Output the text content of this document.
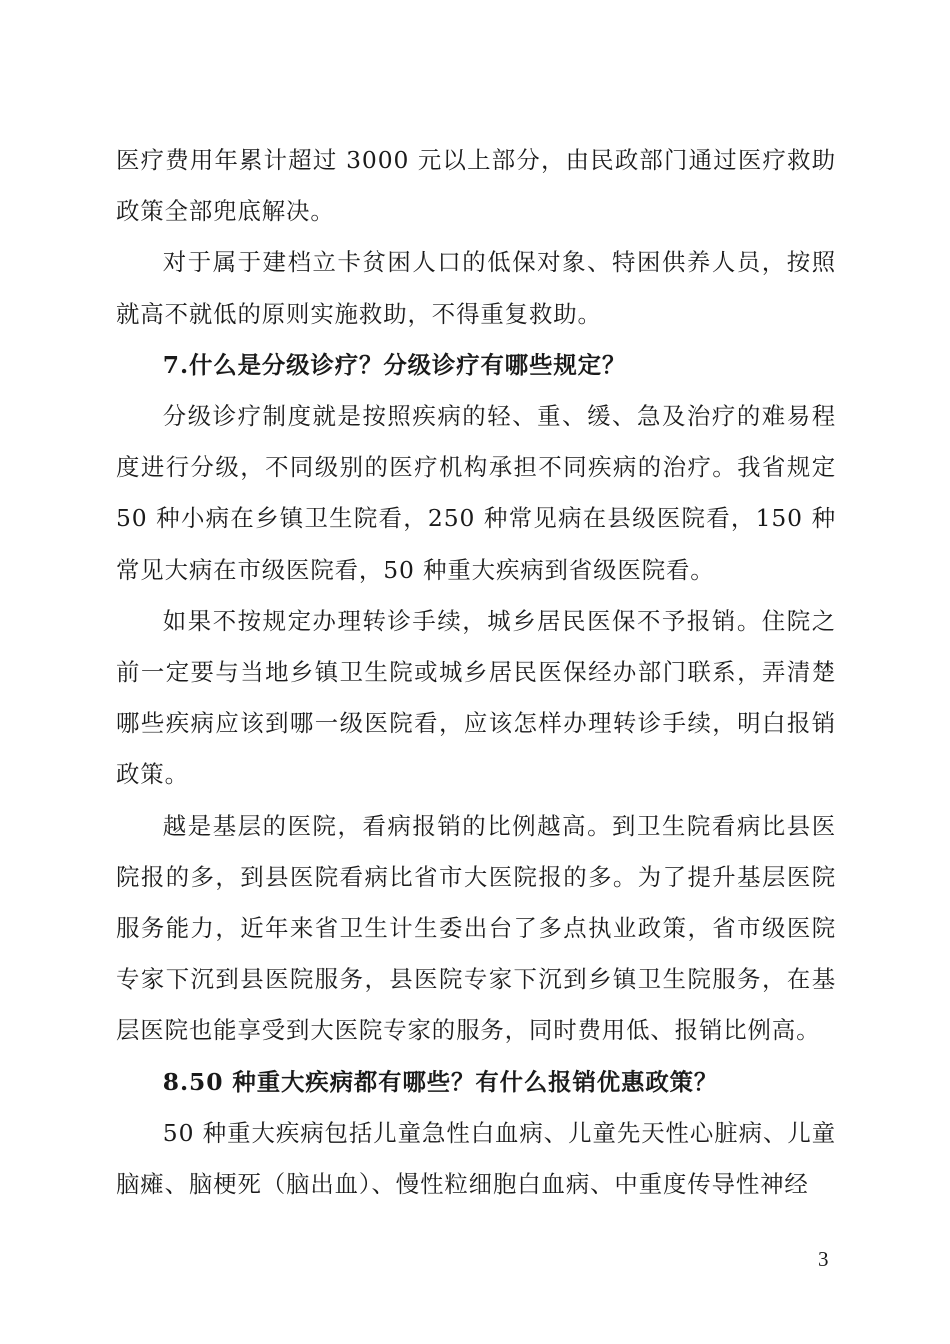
医疗费用年累计超过 3000 元以上部分，由民政部门通过医疗救助政策全部兜底解决。

对于属于建档立卡贫困人口的低保对象、特困供养人员，按照就高不就低的原则实施救助，不得重复救助。

7.什么是分级诊疗？分级诊疗有哪些规定？

分级诊疗制度就是按照疾病的轻、重、缓、急及治疗的难易程度进行分级，不同级别的医疗机构承担不同疾病的治疗。我省规定 50 种小病在乡镇卫生院看，250 种常见病在县级医院看，150 种常见大病在市级医院看，50 种重大疾病到省级医院看。

如果不按规定办理转诊手续，城乡居民医保不予报销。住院之前一定要与当地乡镇卫生院或城乡居民医保经办部门联系，弄清楚哪些疾病应该到哪一级医院看，应该怎样办理转诊手续，明白报销政策。

越是基层的医院，看病报销的比例越高。到卫生院看病比县医院报的多，到县医院看病比省市大医院报的多。为了提升基层医院服务能力，近年来省卫生计生委出台了多点执业政策，省市级医院专家下沉到县医院服务，县医院专家下沉到乡镇卫生院服务，在基层医院也能享受到大医院专家的服务，同时费用低、报销比例高。

8.50 种重大疾病都有哪些？有什么报销优惠政策？

50 种重大疾病包括儿童急性白血病、儿童先天性心脏病、儿童脑瘫、脑梗死（脑出血）、慢性粒细胞白血病、中重度传导性神经

3
